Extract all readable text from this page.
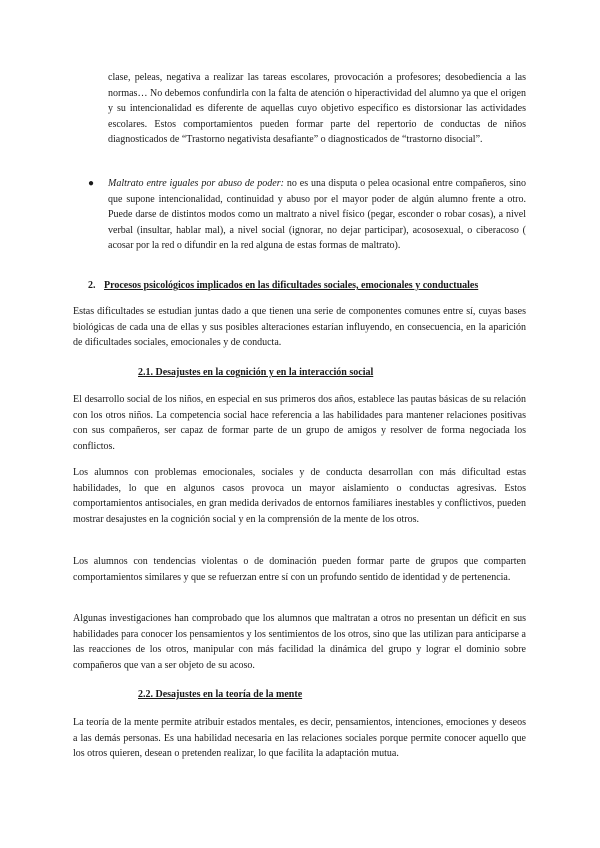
clase, peleas, negativa a realizar las tareas escolares, provocación a profesores; desobediencia a las normas… No debemos confundirla con la falta de atención o hiperactividad del alumno ya que el origen y su intencionalidad es diferente de aquellas cuyo objetivo específico es distorsionar las actividades escolares. Estos comportamientos pueden formar parte del repertorio de conductas de niños diagnosticados de “Trastorno negativista desafiante” o diagnosticados de “trastorno disocial”.
● Maltrato entre iguales por abuso de poder: no es una disputa o pelea ocasional entre compañeros, sino que supone intencionalidad, continuidad y abuso por el mayor poder de algún alumno frente a otro. Puede darse de distintos modos como un maltrato a nivel físico (pegar, esconder o robar cosas), a nivel verbal (insultar, hablar mal), a nivel social (ignorar, no dejar participar), acososexual, o ciberacoso ( acosar por la red o difundir en la red alguna de estas formas de maltrato).
2. Procesos psicológicos implicados en las dificultades sociales, emocionales y conductuales
Estas dificultades se estudian juntas dado a que tienen una serie de componentes comunes entre sí, cuyas bases biológicas de cada una de ellas y sus posibles alteraciones estarían influyendo, en consecuencia, en la aparición de dificultades sociales, emocionales y de conducta.
2.1. Desajustes en la cognición y en la interacción social
El desarrollo social de los niños, en especial en sus primeros dos años, establece las pautas básicas de su relación con los otros niños. La competencia social hace referencia a las habilidades para mantener relaciones positivas con sus compañeros, ser capaz de formar parte de un grupo de amigos y resolver de forma negociada los conflictos.
Los alumnos con problemas emocionales, sociales y de conducta desarrollan con más dificultad estas habilidades, lo que en algunos casos provoca un mayor aislamiento o conductas agresivas. Estos comportamientos antisociales, en gran medida derivados de entornos familiares inestables y conflictivos, pueden mostrar desajustes en la cognición social y en la comprensión de la mente de los otros.
Los alumnos con tendencias violentas o de dominación pueden formar parte de grupos que comparten comportamientos similares y que se refuerzan entre sí con un profundo sentido de identidad y de pertenencia.
Algunas investigaciones han comprobado que los alumnos que maltratan a otros no presentan un déficit en sus habilidades para conocer los pensamientos y los sentimientos de los otros, sino que las utilizan para anticiparse a las reacciones de los otros, manipular con más facilidad la dinámica del grupo y lograr el dominio sobre compañeros que van a ser objeto de su acoso.
2.2. Desajustes en la teoría de la mente
La teoría de la mente permite atribuir estados mentales, es decir, pensamientos, intenciones, emociones y deseos a las demás personas. Es una habilidad necesaria en las relaciones sociales porque permite conocer aquello que los otros quieren, desean o pretenden realizar, lo que facilita la adaptación mutua.
